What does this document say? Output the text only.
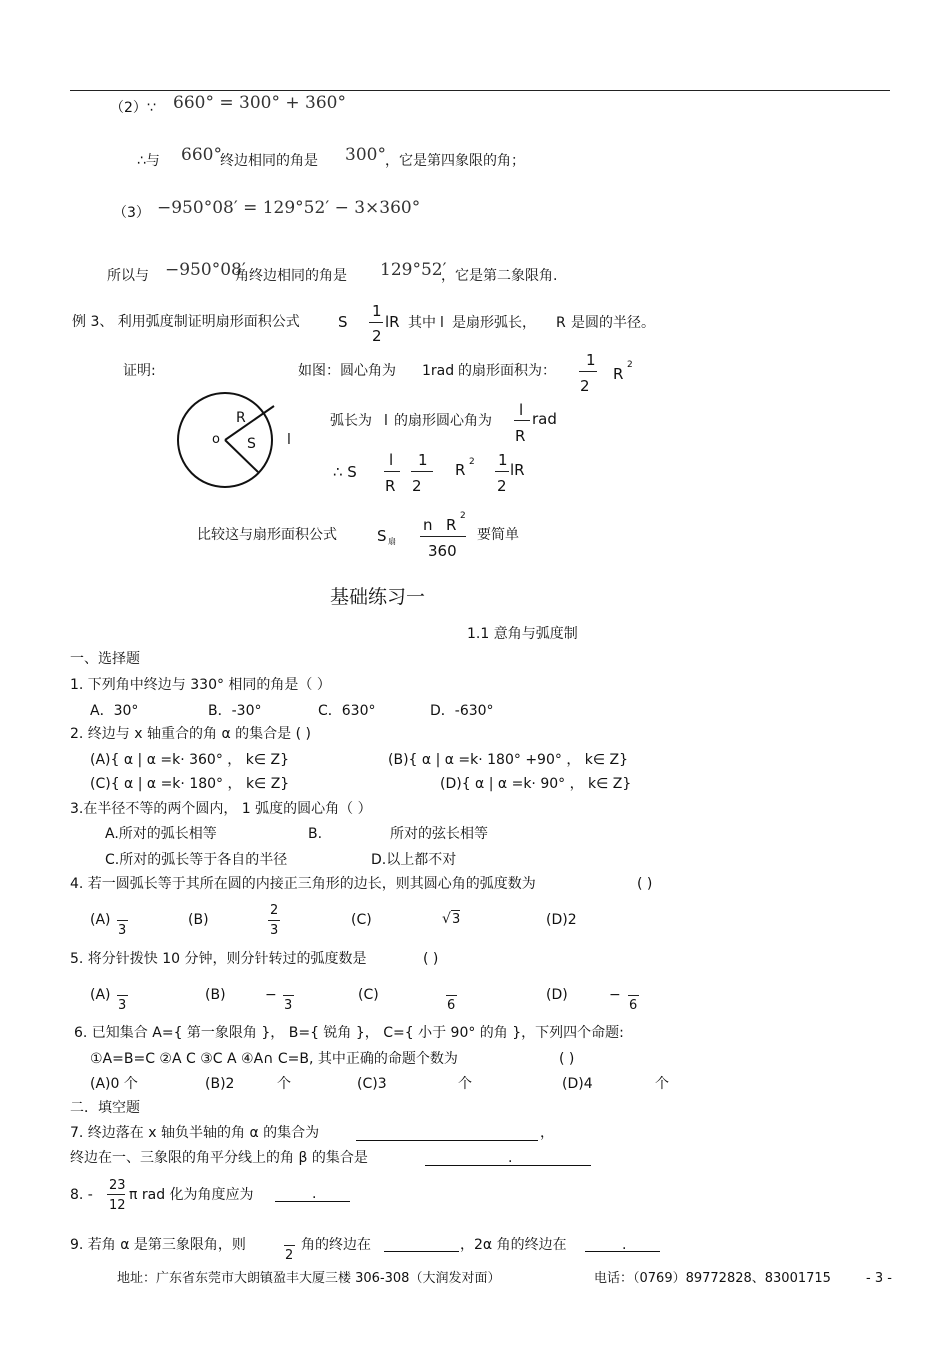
（2）∵ 660° = 300° + 360°
∴与 660°
终边相同的角是 300° ，它是第四象限的角；
（3） −950°08′ = 129°52′ − 3×360°
所以与 −950°08′
角终边相同的角是 129°52′
，它是第二象限角.
例 3、 利用弧度制证明扇形面积公式	S
1
2
lR 其中 l 是扇形弧长， R 是圆的半径。
证明:	如图：圆心角为 1rad 的扇形面积为：
1
2
R 2
o
R
S l
弧长为 l 的扇形圆心角为
l
R
rad
∴ S
l
R
1
2
R 2 1
2
lR
比较这与扇形面积公式	S 扇
n R 2
360
要简单
基础练习一
1.1 意角与弧度制
一、选择题
1. 下列角中终边与 330° 相同的角是（ ）
A．30°	B．-30°	C．630°	D．-630°
2. 终边与 x 轴重合的角 α 的集合是 ( )
(A){ α | α =k· 360° ， k∈ Z}	(B){ α | α =k· 180° +90° ， k∈ Z}
(C){ α | α =k· 180° ， k∈ Z}	(D){ α | α =k· 90° ， k∈ Z}
3.在半径不等的两个圆内， 1 弧度的圆心角（ ）
A.所对的弧长相等	B.	所对的弦长相等
C.所对的弧长等于各自的半径	D.以上都不对
4. 若一圆弧长等于其所在圆的内接正三角形的边长，则其圆心角的弧度数为	( )
(A)
3
(B)
2
3
(C)	√ 3	(D)2
5. 将分针拨快 10 分钟，则分针转过的弧度数是	( )
(A)
3
(B)	−
3
(C)
6
(D)	−
6
6. 已知集合 A={ 第一象限角 }， B={ 锐角 }， C={ 小于 90° 的角 }，下列四个命题:
①A=B=C ②A C ③C A ④A∩ C=B, 其中正确的命题个数为	( )
(A)0 个	(B)2	个	(C)3	个	(D)4	个
二．填空题
7. 终边落在 x 轴负半轴的角 α 的集合为	，
终边在一、三象限的角平分线上的角 β 的集合是	.
8. -
23
12
π rad 化为角度应为	.
9. 若角 α 是第三象限角，则
2
角的终边在	，2α 角的终边在	.
地址：广东省东莞市大朗镇盈丰大厦三楼 306-308（大润发对面）	电话：（0769）89772828、83001715	- 3 -
